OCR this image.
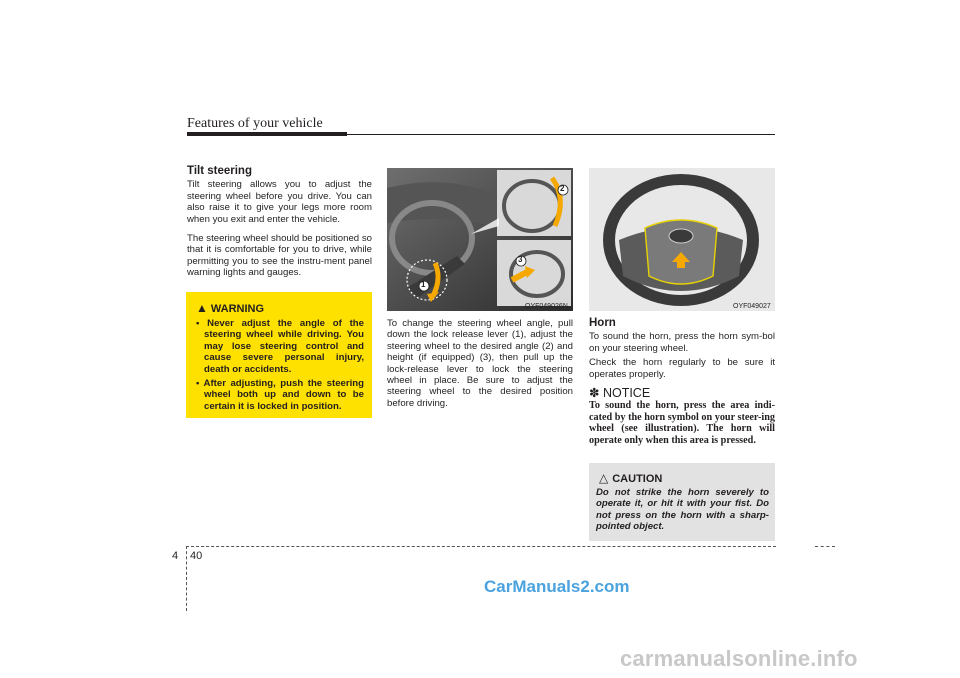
Features of your vehicle
Tilt steering

Tilt steering allows you to adjust the steering wheel before you drive. You can also raise it to give your legs more room when you exit and enter the vehicle.

The steering wheel should be positioned so that it is comfortable for you to drive, while permitting you to see the instru-ment panel warning lights and gauges.

▲ WARNING
• Never adjust the angle of the steering wheel while driving. You may lose steering control and cause severe personal injury, death or accidents.
• After adjusting, push the steering wheel both up and down to be certain it is locked in position.
1
2
3
OYF049026N

To change the steering wheel angle, pull down the lock release lever (1), adjust the steering wheel to the desired angle (2) and height (if equipped) (3), then pull up the lock-release lever to lock the steering wheel in place. Be sure to adjust the steering wheel to the desired position before driving.

OYF049027
Horn

To sound the horn, press the horn sym-bol on your steering wheel.

Check the horn regularly to be sure it operates properly.

✽ NOTICE
To sound the horn, press the area indi-cated by the horn symbol on your steer-ing wheel (see illustration). The horn will operate only when this area is pressed.
△ CAUTION
Do not strike the horn severely to operate it, or hit it with your fist. Do not press on the horn with a sharp-pointed object.
4 40
CarManuals2.com
carmanualsonline.info
